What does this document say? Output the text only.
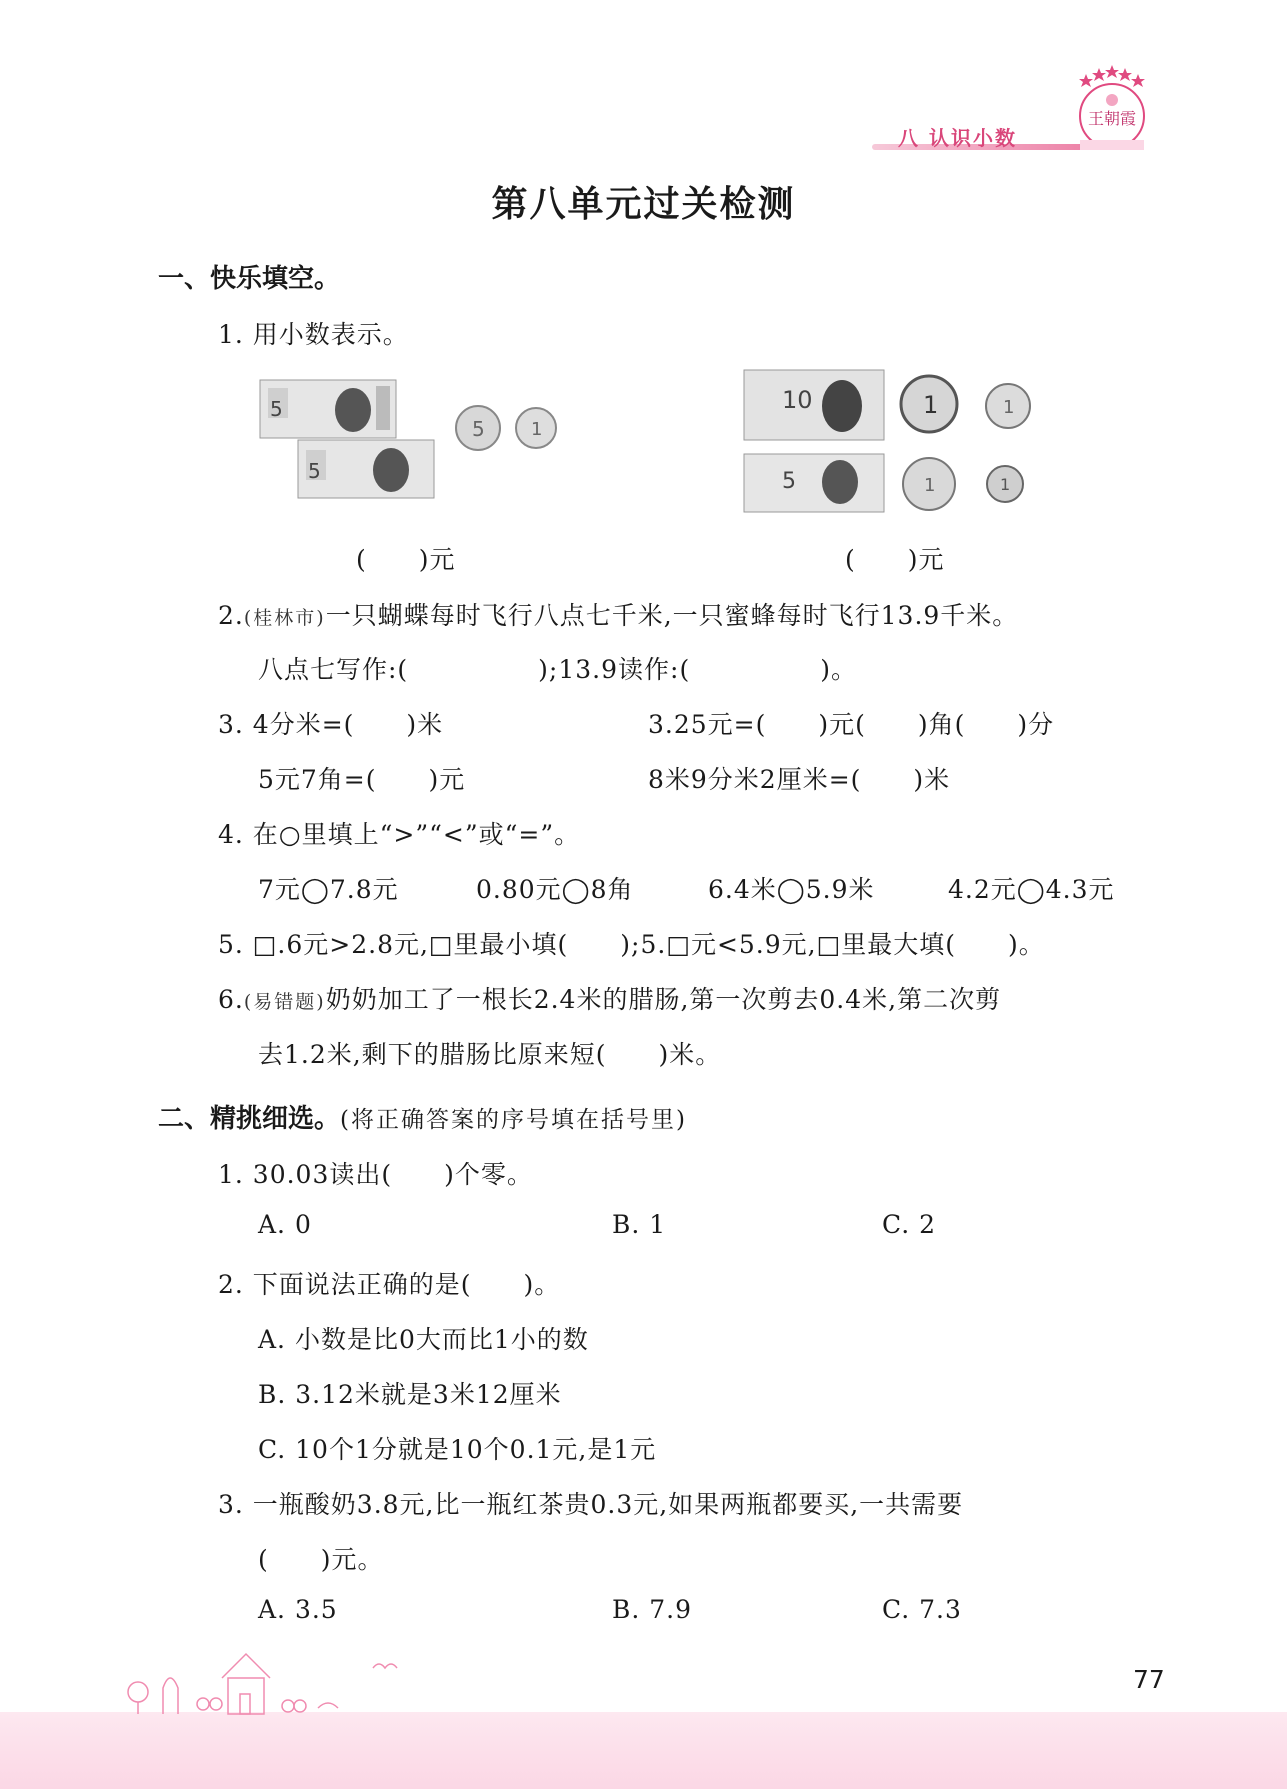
八 认识小数
王朝霞
第八单元过关检测
一、快乐填空。
1. 用小数表示。
5
5
5	1
10
5
1	1
1	1
(　　)元	(　　)元
2.(桂林市)一只蝴蝶每时飞行八点七千米,一只蜜蜂每时飞行13.9千米。
八点七写作:(　　　　　);13.9读作:(　　　　　)。
3. 4分米=(　　)米	3.25元=(　　)元(　　)角(　　)分
5元7角=(　　)元	8米9分米2厘米=(　　)米
4. 在○里填上“>”“<”或“=”。
7元◯7.8元	0.80元◯8角	6.4米◯5.9米	4.2元◯4.3元
5. □.6元>2.8元,□里最小填(　　);5.□元<5.9元,□里最大填(　　)。
6.(易错题)奶奶加工了一根长2.4米的腊肠,第一次剪去0.4米,第二次剪
去1.2米,剩下的腊肠比原来短(　　)米。
二、精挑细选。(将正确答案的序号填在括号里)
1. 30.03读出(　　)个零。
A. 0	B. 1	C. 2
2. 下面说法正确的是(　　)。
A. 小数是比0大而比1小的数
B. 3.12米就是3米12厘米
C. 10个1分就是10个0.1元,是1元
3. 一瓶酸奶3.8元,比一瓶红茶贵0.3元,如果两瓶都要买,一共需要
(　　)元。
A. 3.5	B. 7.9	C. 7.3
77
